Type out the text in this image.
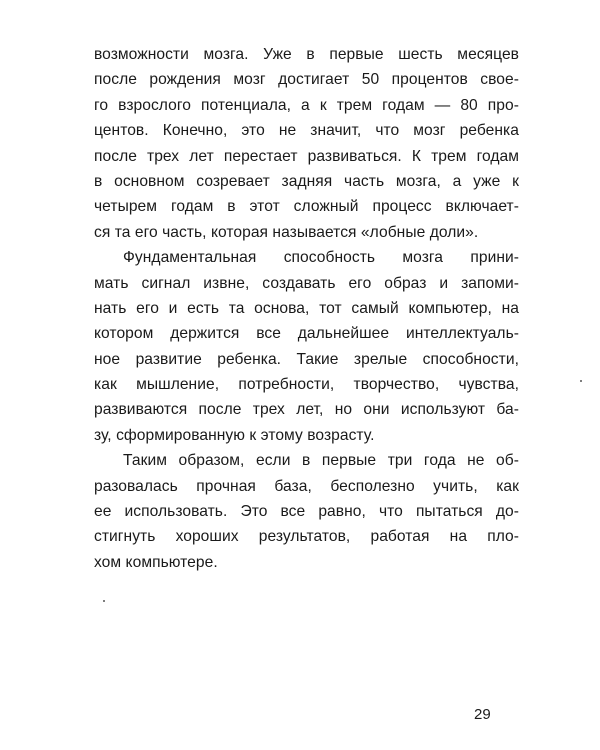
возможности мозга. Уже в первые шесть месяцев
после рождения мозг достигает 50 процентов свое-
го взрослого потенциала, а к трем годам — 80 про-
центов. Конечно, это не значит, что мозг ребенка
после трех лет перестает развиваться. К трем годам
в основном созревает задняя часть мозга, а уже к
четырем годам в этот сложный процесс включает-
ся та его часть, которая называется «лобные доли».

Фундаментальная способность мозга прини-
мать сигнал извне, создавать его образ и запоми-
нать его и есть та основа, тот самый компьютер, на
котором держится все дальнейшее интеллектуаль-
ное развитие ребенка. Такие зрелые способности,
как мышление, потребности, творчество, чувства,
развиваются после трех лет, но они используют ба-
зу, сформированную к этому возрасту.

Таким образом, если в первые три года не об-
разовалась прочная база, бесполезно учить, как
ее использовать. Это все равно, что пытаться до-
стигнуть хороших результатов, работая на пло-
хом компьютере.

29
